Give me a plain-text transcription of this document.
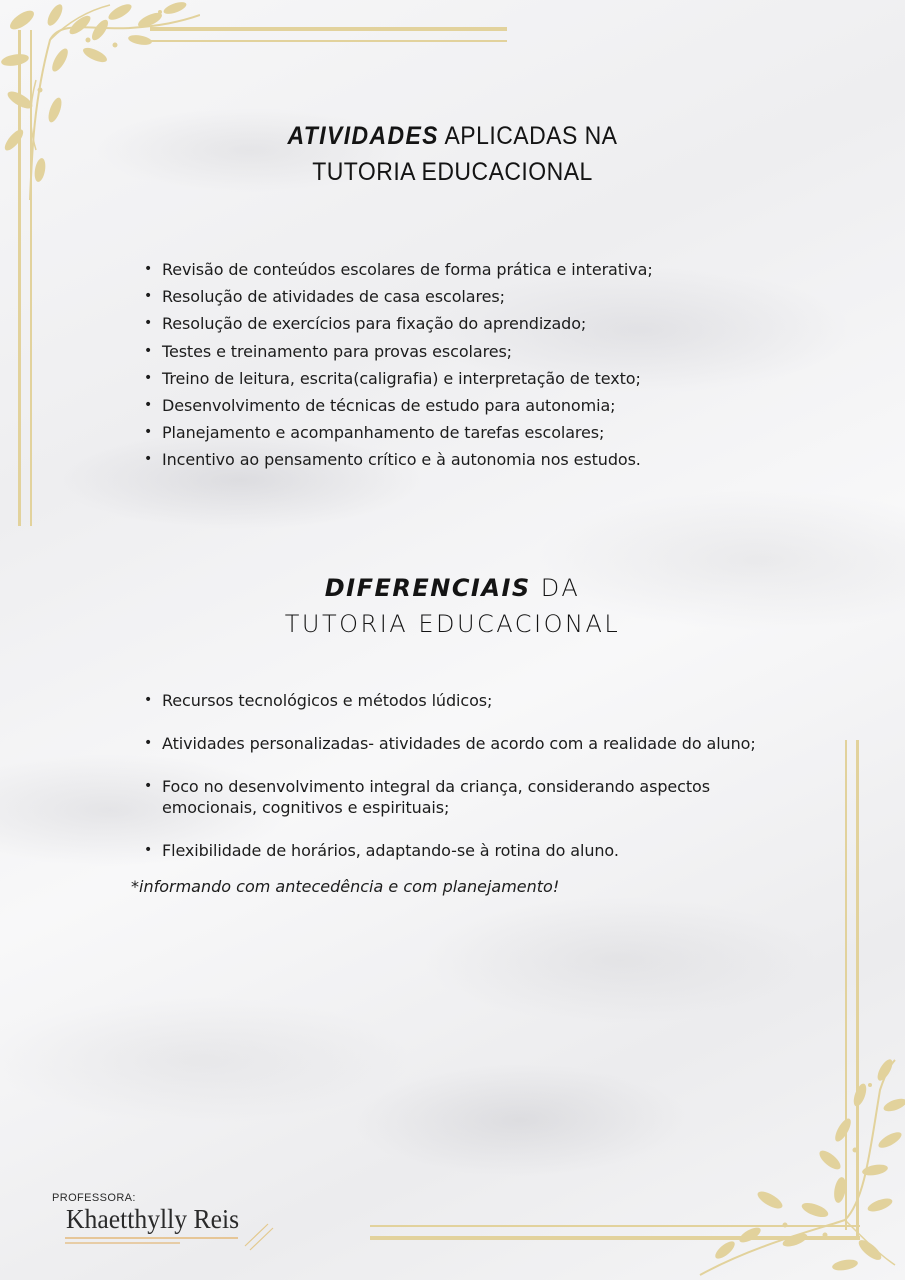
ATIVIDADES APLICADAS NA
TUTORIA EDUCACIONAL
• Revisão de conteúdos escolares de forma prática e interativa;
• Resolução de atividades de casa escolares;
• Resolução de exercícios para fixação do aprendizado;
• Testes e treinamento para provas escolares;
• Treino de leitura, escrita(caligrafia) e interpretação de texto;
• Desenvolvimento de técnicas de estudo para autonomia;
• Planejamento e acompanhamento de tarefas escolares;
• Incentivo ao pensamento crítico e à autonomia nos estudos.
DIFERENCIAIS DA
TUTORIA EDUCACIONAL
• Recursos tecnológicos e métodos lúdicos;
• Atividades personalizadas- atividades de acordo com a realidade do aluno;
• Foco no desenvolvimento integral da criança, considerando aspectos emocionais, cognitivos e espirituais;
• Flexibilidade de horários, adaptando-se à rotina do aluno.
*informando com antecedência e com planejamento!
PROFESSORA:
Khaetthylly Reis
